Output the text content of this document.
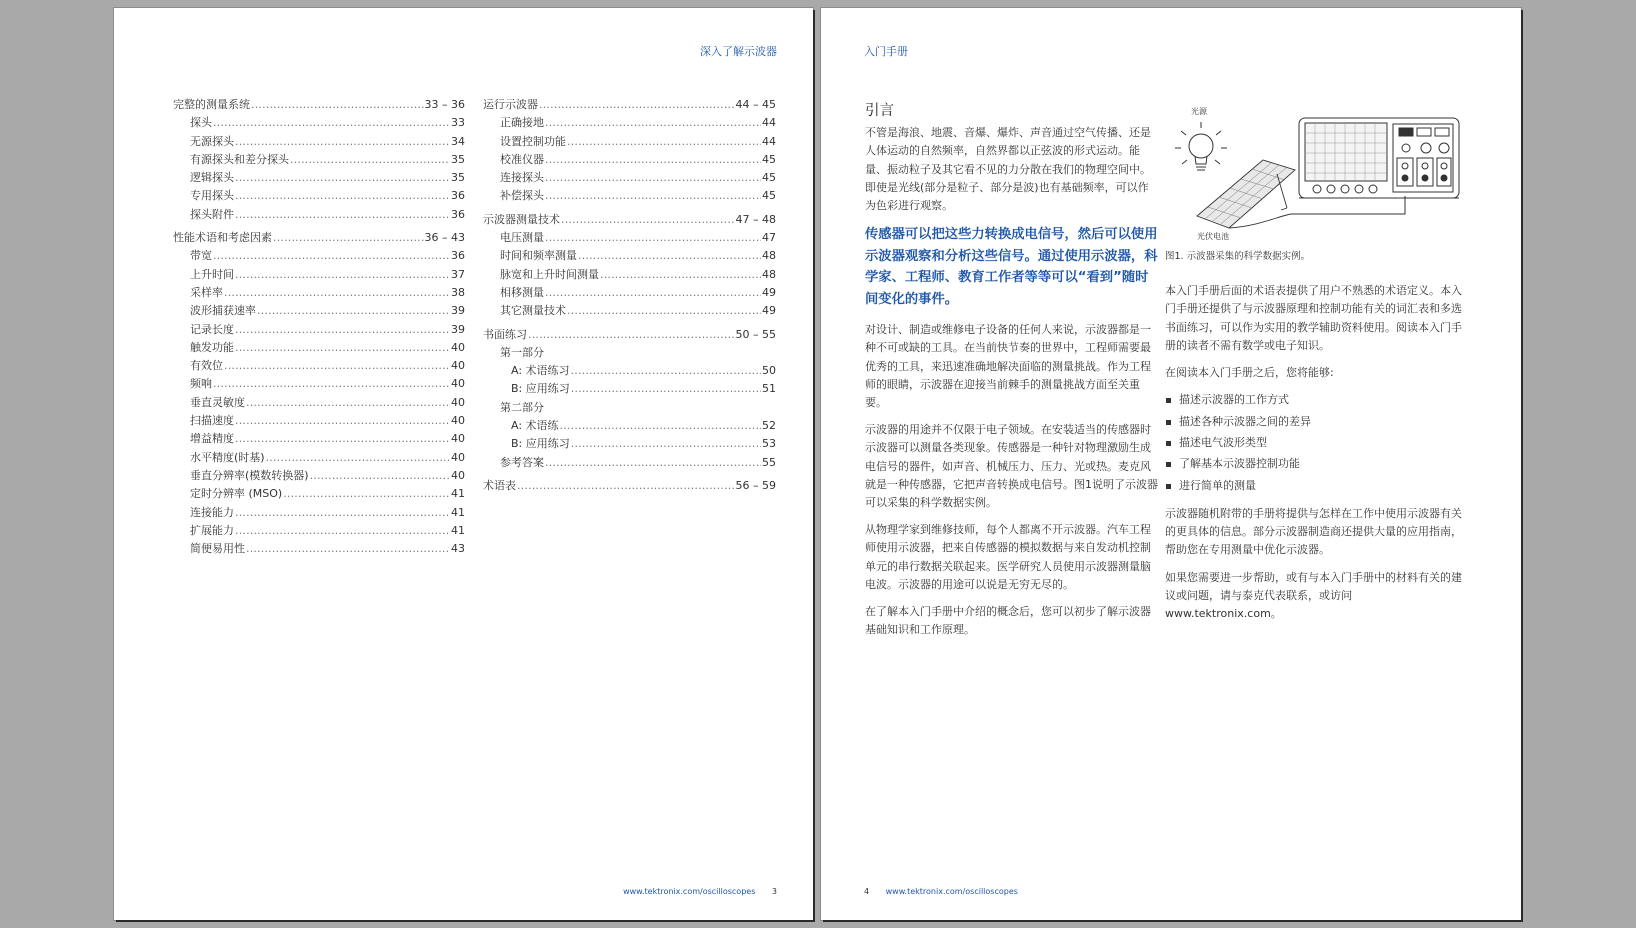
深入了解示波器
完整的测量系统 .....	33 – 36
探头 .....	33
无源探头 .....	34
有源探头和差分探头 .....	35
逻辑探头 .....	35
专用探头 .....	36
探头附件 .....	36
性能术语和考虑因素 .....	36 – 43
带宽 .....	36
上升时间 .....	37
采样率 .....	38
波形捕获速率 .....	39
记录长度 .....	39
触发功能 .....	40
有效位 .....	40
频响 .....	40
垂直灵敏度 .....	40
扫描速度 .....	40
增益精度 .....	40
水平精度(时基) .....	40
垂直分辨率(模数转换器) .....	40
定时分辨率 (MSO) .....	41
连接能力 .....	41
扩展能力 .....	41
简便易用性 .....	43
运行示波器 .....	44 – 45
正确接地 .....	44
设置控制功能 .....	44
校准仪器 .....	45
连接探头 .....	45
补偿探头 .....	45
示波器测量技术 .....	47 – 48
电压测量 .....	47
时间和频率测量 .....	48
脉宽和上升时间测量 .....	48
相移测量 .....	49
其它测量技术 .....	49
书面练习 .....	50 – 55
第一部分
A: 术语练习 .....	50
B: 应用练习 .....	51
第二部分
A: 术语练 .....	52
B: 应用练习 .....	53
参考答案 .....	55
术语表 .....	56 – 59
www.tektronix.com/oscilloscopes 3
入门手册
引言

不管是海浪、地震、音爆、爆炸、声音通过空气传播、还是人体运动的自然频率，自然界都以正弦波的形式运动。能量、振动粒子及其它看不见的力分散在我们的物理空间中。即使是光线(部分是粒子、部分是波)也有基础频率，可以作为色彩进行观察。

传感器可以把这些力转换成电信号，然后可以使用示波器观察和分析这些信号。通过使用示波器，科学家、工程师、教育工作者等等可以“看到”随时间变化的事件。

对设计、制造或维修电子设备的任何人来说，示波器都是一种不可或缺的工具。在当前快节奏的世界中，工程师需要最优秀的工具，来迅速准确地解决面临的测量挑战。作为工程师的眼睛，示波器在迎接当前棘手的测量挑战方面至关重要。

示波器的用途并不仅限于电子领域。在安装适当的传感器时示波器可以测量各类现象。传感器是一种针对物理激励生成电信号的器件，如声音、机械压力、压力、光或热。麦克风就是一种传感器，它把声音转换成电信号。图1说明了示波器可以采集的科学数据实例。

从物理学家到维修技师，每个人都离不开示波器。汽车工程师使用示波器，把来自传感器的模拟数据与来自发动机控制单元的串行数据关联起来。医学研究人员使用示波器测量脑电波。示波器的用途可以说是无穷无尽的。

在了解本入门手册中介绍的概念后，您可以初步了解示波器基础知识和工作原理。

光源
光伏电池
图1. 示波器采集的科学数据实例。

本入门手册后面的术语表提供了用户不熟悉的术语定义。本入门手册还提供了与示波器原理和控制功能有关的词汇表和多选书面练习，可以作为实用的教学辅助资料使用。阅读本入门手册的读者不需有数学或电子知识。

在阅读本入门手册之后，您将能够:

描述示波器的工作方式
描述各种示波器之间的差异
描述电气波形类型
了解基本示波器控制功能
进行简单的测量

示波器随机附带的手册将提供与怎样在工作中使用示波器有关的更具体的信息。部分示波器制造商还提供大量的应用指南，帮助您在专用测量中优化示波器。

如果您需要进一步帮助，或有与本入门手册中的材料有关的建议或问题，请与泰克代表联系，或访问
www.tektronix.com。

4 www.tektronix.com/oscilloscopes
